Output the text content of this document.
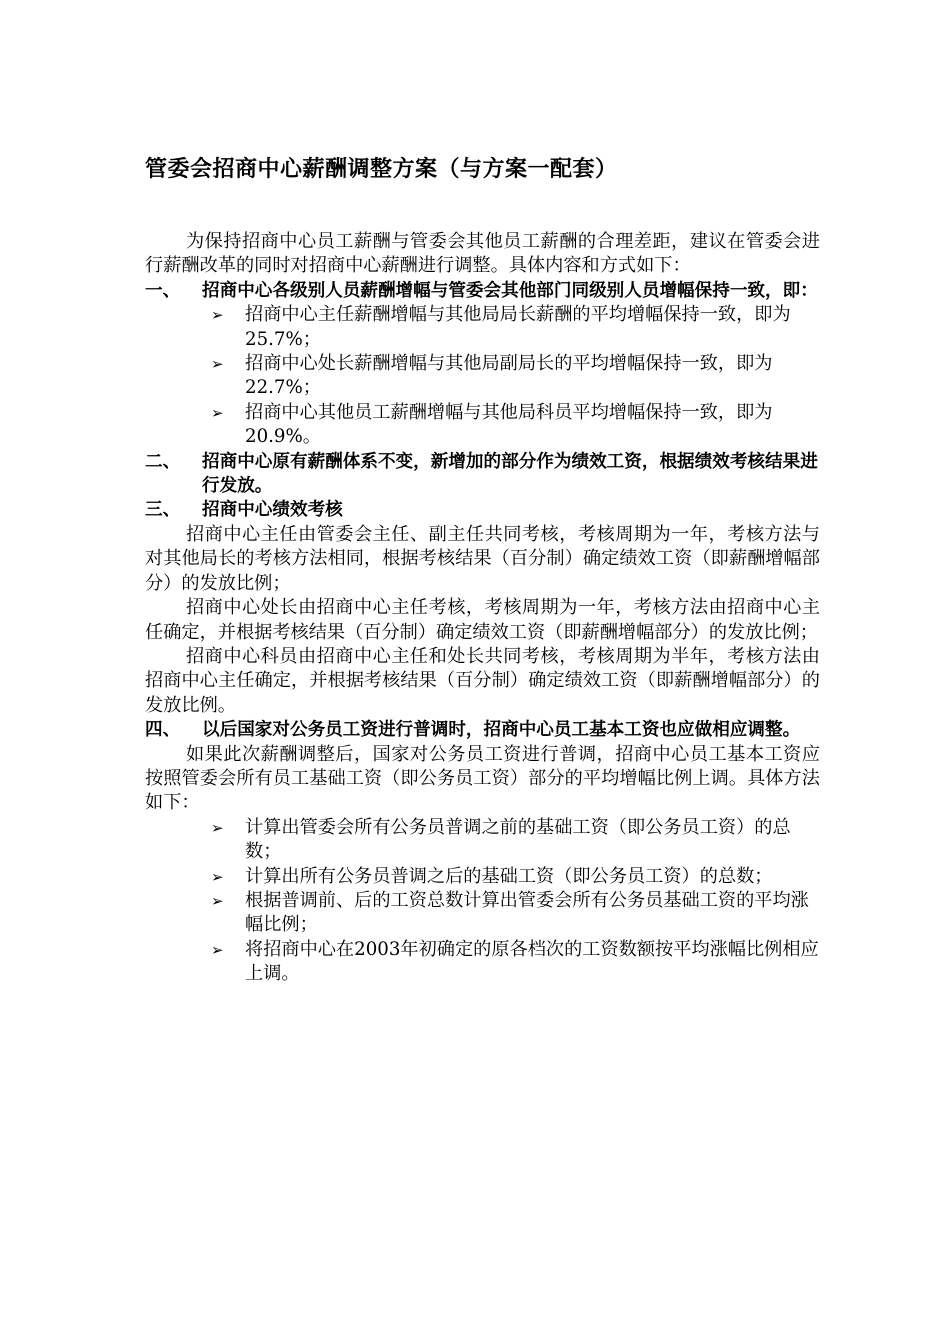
管委会招商中心薪酬调整方案（与方案一配套）
为保持招商中心员工薪酬与管委会其他员工薪酬的合理差距，建议在管委会进行薪酬改革的同时对招商中心薪酬进行调整。具体内容和方式如下：
一、	招商中心各级别人员薪酬增幅与管委会其他部门同级别人员增幅保持一致，即：
➢	招商中心主任薪酬增幅与其他局局长薪酬的平均增幅保持一致，即为25.7%；
➢	招商中心处长薪酬增幅与其他局副局长的平均增幅保持一致，即为22.7%；
➢	招商中心其他员工薪酬增幅与其他局科员平均增幅保持一致，即为20.9%。
二、	招商中心原有薪酬体系不变，新增加的部分作为绩效工资，根据绩效考核结果进行发放。
三、	招商中心绩效考核
招商中心主任由管委会主任、副主任共同考核，考核周期为一年，考核方法与对其他局长的考核方法相同，根据考核结果（百分制）确定绩效工资（即薪酬增幅部分）的发放比例；
招商中心处长由招商中心主任考核，考核周期为一年，考核方法由招商中心主任确定，并根据考核结果（百分制）确定绩效工资（即薪酬增幅部分）的发放比例；
招商中心科员由招商中心主任和处长共同考核，考核周期为半年，考核方法由招商中心主任确定，并根据考核结果（百分制）确定绩效工资（即薪酬增幅部分）的发放比例。
四、	以后国家对公务员工资进行普调时，招商中心员工基本工资也应做相应调整。
如果此次薪酬调整后，国家对公务员工资进行普调，招商中心员工基本工资应按照管委会所有员工基础工资（即公务员工资）部分的平均增幅比例上调。具体方法如下：
➢	计算出管委会所有公务员普调之前的基础工资（即公务员工资）的总数；
➢	计算出所有公务员普调之后的基础工资（即公务员工资）的总数；
➢	根据普调前、后的工资总数计算出管委会所有公务员基础工资的平均涨幅比例；
➢	将招商中心在2003年初确定的原各档次的工资数额按平均涨幅比例相应上调。
